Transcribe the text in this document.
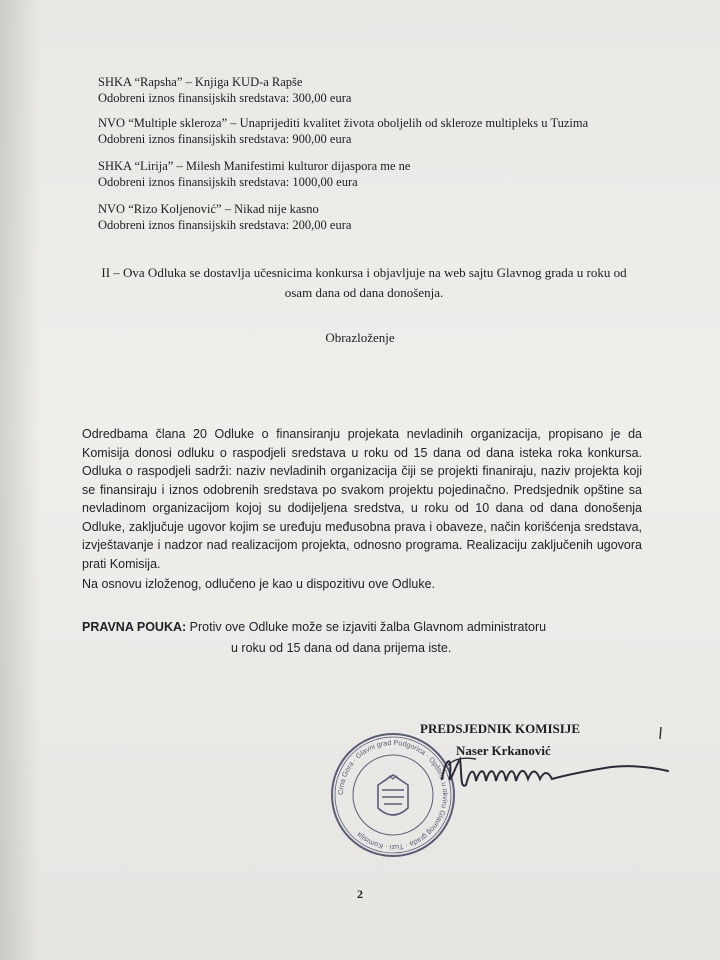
SHKA “Rapsha” – Knjiga KUD-a Rapše
Odobreni iznos finansijskih sredstava: 300,00 eura
NVO “Multiple skleroza” – Unaprijediti kvalitet života oboljelih od skleroze multipleks u Tuzima
Odobreni iznos finansijskih sredstava: 900,00 eura
SHKA “Lirija” – Milesh Manifestimi kulturor dijaspora me ne
Odobreni iznos finansijskih sredstava: 1000,00 eura
NVO “Rizo Koljenović” – Nikad nije kasno
Odobreni iznos finansijskih sredstava: 200,00 eura
II – Ova Odluka se dostavlja učesnicima konkursa i objavljuje na web sajtu Glavnog grada u roku od osam dana od dana donošenja.
Obrazloženje
Odredbama člana 20 Odluke o finansiranju projekata nevladinih organizacija, propisano je da Komisija donosi odluku o raspodjeli sredstava u roku od 15 dana od dana isteka roka konkursa. Odluka o raspodjeli sadrži: naziv nevladinih organizacija čiji se projekti finaniraju, naziv projekta koji se finansiraju i iznos odobrenih sredstava po svakom projektu pojedinačno. Predsjednik opštine sa nevladinom organizacijom kojoj su dodijeljena sredstva, u roku od 10 dana od dana donošenja Odluke, zaključuje ugovor kojim se uređuju međusobna prava i obaveze, način korišćenja sredstava, izvještavanje i nadzor nad realizacijom projekta, odnosno programa. Realizaciju zaključenih ugovora prati Komisija.
Na osnovu izloženog, odlučeno je kao u dispozitivu ove Odluke.
PRAVNA POUKA: Protiv ove Odluke može se izjaviti žalba Glavnom administratoru
u roku od 15 dana od dana prijema iste.
PREDSJEDNIK KOMISIJE
Naser Krkanović
Crna Gora · Glavni grad Podgorica · Opština u okviru Glavnog grada · Tuzi · Komisija
2
